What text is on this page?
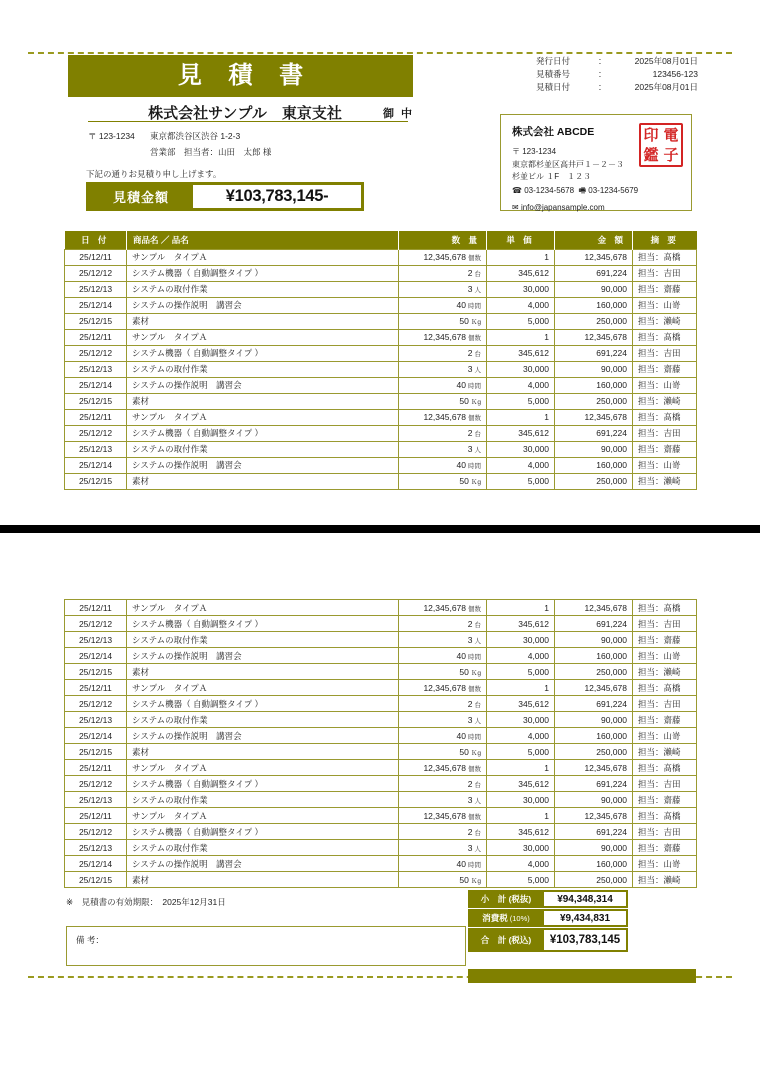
見 積 書
発行日付	：	2025年08月01日
見積番号	：	123456-123
見積日付	：	2025年08月01日
株式会社サンプル　東京支社	御 中
〒 123-1234 東京都渋谷区渋谷 1-2-3
営業部　担当者：山田　太郎 様
株式会社 ABCDE
〒 123-1234
東京都杉並区高井戸１－２－３
杉並ビル １F　１２３
☎ 03-1234-5678 🖷 03-1234-5679
✉ info@japansample.com
印 電
鑑 子
下記の通りお見積り申し上げます。
見積金額	¥103,783,145-
日 付	商品名 ／ 品名	数 量	単 価	金 額	摘 要
25/12/11	サンプル　タイプＡ	12,345,678 個数	1	12,345,678	担当：髙橋
25/12/12	システム機器（ 自動調整タイプ ）	2 台	345,612	691,224	担当：吉田
25/12/13	システムの取付作業	3 人	30,000	90,000	担当：齋藤
25/12/14	システムの操作説明　講習会	40 時間	4,000	160,000	担当：山嵜
25/12/15	素材	50 Ｋg	5,000	250,000	担当：瀨崎
25/12/11	サンプル　タイプＡ	12,345,678 個数	1	12,345,678	担当：髙橋
25/12/12	システム機器（ 自動調整タイプ ）	2 台	345,612	691,224	担当：吉田
25/12/13	システムの取付作業	3 人	30,000	90,000	担当：齋藤
25/12/14	システムの操作説明　講習会	40 時間	4,000	160,000	担当：山嵜
25/12/15	素材	50 Ｋg	5,000	250,000	担当：瀨崎
25/12/11	サンプル　タイプＡ	12,345,678 個数	1	12,345,678	担当：髙橋
25/12/12	システム機器（ 自動調整タイプ ）	2 台	345,612	691,224	担当：吉田
25/12/13	システムの取付作業	3 人	30,000	90,000	担当：齋藤
25/12/14	システムの操作説明　講習会	40 時間	4,000	160,000	担当：山嵜
25/12/15	素材	50 Ｋg	5,000	250,000	担当：瀨崎
25/12/11	サンプル　タイプＡ	12,345,678 個数	1	12,345,678	担当：髙橋
25/12/12	システム機器（ 自動調整タイプ ）	2 台	345,612	691,224	担当：吉田
25/12/13	システムの取付作業	3 人	30,000	90,000	担当：齋藤
25/12/14	システムの操作説明　講習会	40 時間	4,000	160,000	担当：山嵜
25/12/15	素材	50 Ｋg	5,000	250,000	担当：瀨崎
25/12/11	サンプル　タイプＡ	12,345,678 個数	1	12,345,678	担当：髙橋
25/12/12	システム機器（ 自動調整タイプ ）	2 台	345,612	691,224	担当：吉田
25/12/13	システムの取付作業	3 人	30,000	90,000	担当：齋藤
25/12/14	システムの操作説明　講習会	40 時間	4,000	160,000	担当：山嵜
25/12/15	素材	50 Ｋg	5,000	250,000	担当：瀨崎
25/12/11	サンプル　タイプＡ	12,345,678 個数	1	12,345,678	担当：髙橋
25/12/12	システム機器（ 自動調整タイプ ）	2 台	345,612	691,224	担当：吉田
25/12/13	システムの取付作業	3 人	30,000	90,000	担当：齋藤
25/12/11	サンプル　タイプＡ	12,345,678 個数	1	12,345,678	担当：髙橋
25/12/12	システム機器（ 自動調整タイプ ）	2 台	345,612	691,224	担当：吉田
25/12/13	システムの取付作業	3 人	30,000	90,000	担当：齋藤
25/12/14	システムの操作説明　講習会	40 時間	4,000	160,000	担当：山嵜
25/12/15	素材	50 Ｋg	5,000	250,000	担当：瀨崎
※　見積書の有効期限：　2025年12月31日
備 考：
小　計 (税抜)	¥94,348,314
消費税 (10%)	¥9,434,831
合　計 (税込)	¥103,783,145
